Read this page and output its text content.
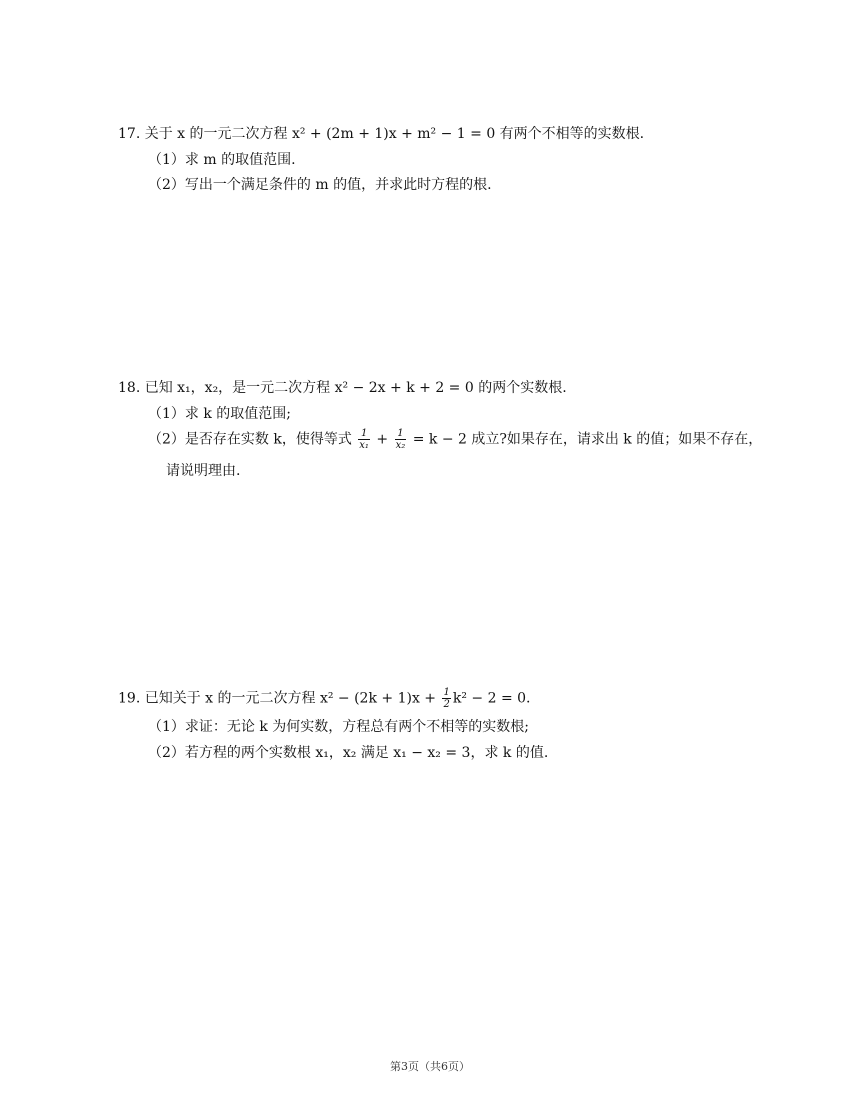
17. 关于 x 的一元二次方程 x² + (2m + 1)x + m² − 1 = 0 有两个不相等的实数根.
（1）求 m 的取值范围.
（2）写出一个满足条件的 m 的值，并求此时方程的根.
18. 已知 x₁，x₂，是一元二次方程 x² − 2x + k + 2 = 0 的两个实数根.
（1）求 k 的取值范围;
（2）是否存在实数 k，使得等式 $\frac{1}{\text{x₁}} + \frac{1}{\text{x₂}} = k - 2$ 成立?如果存在，请求出 k 的值；如果不存在，
请说明理由.
19. 已知关于 x 的一元二次方程 $x^2 - (2k + 1)x + \frac{1}{2} k^2 - 2 = 0$.
（1）求证：无论 k 为何实数，方程总有两个不相等的实数根;
（2）若方程的两个实数根 x₁，x₂ 满足 x₁ − x₂ = 3，求 k 的值.
第3页（共6页）
